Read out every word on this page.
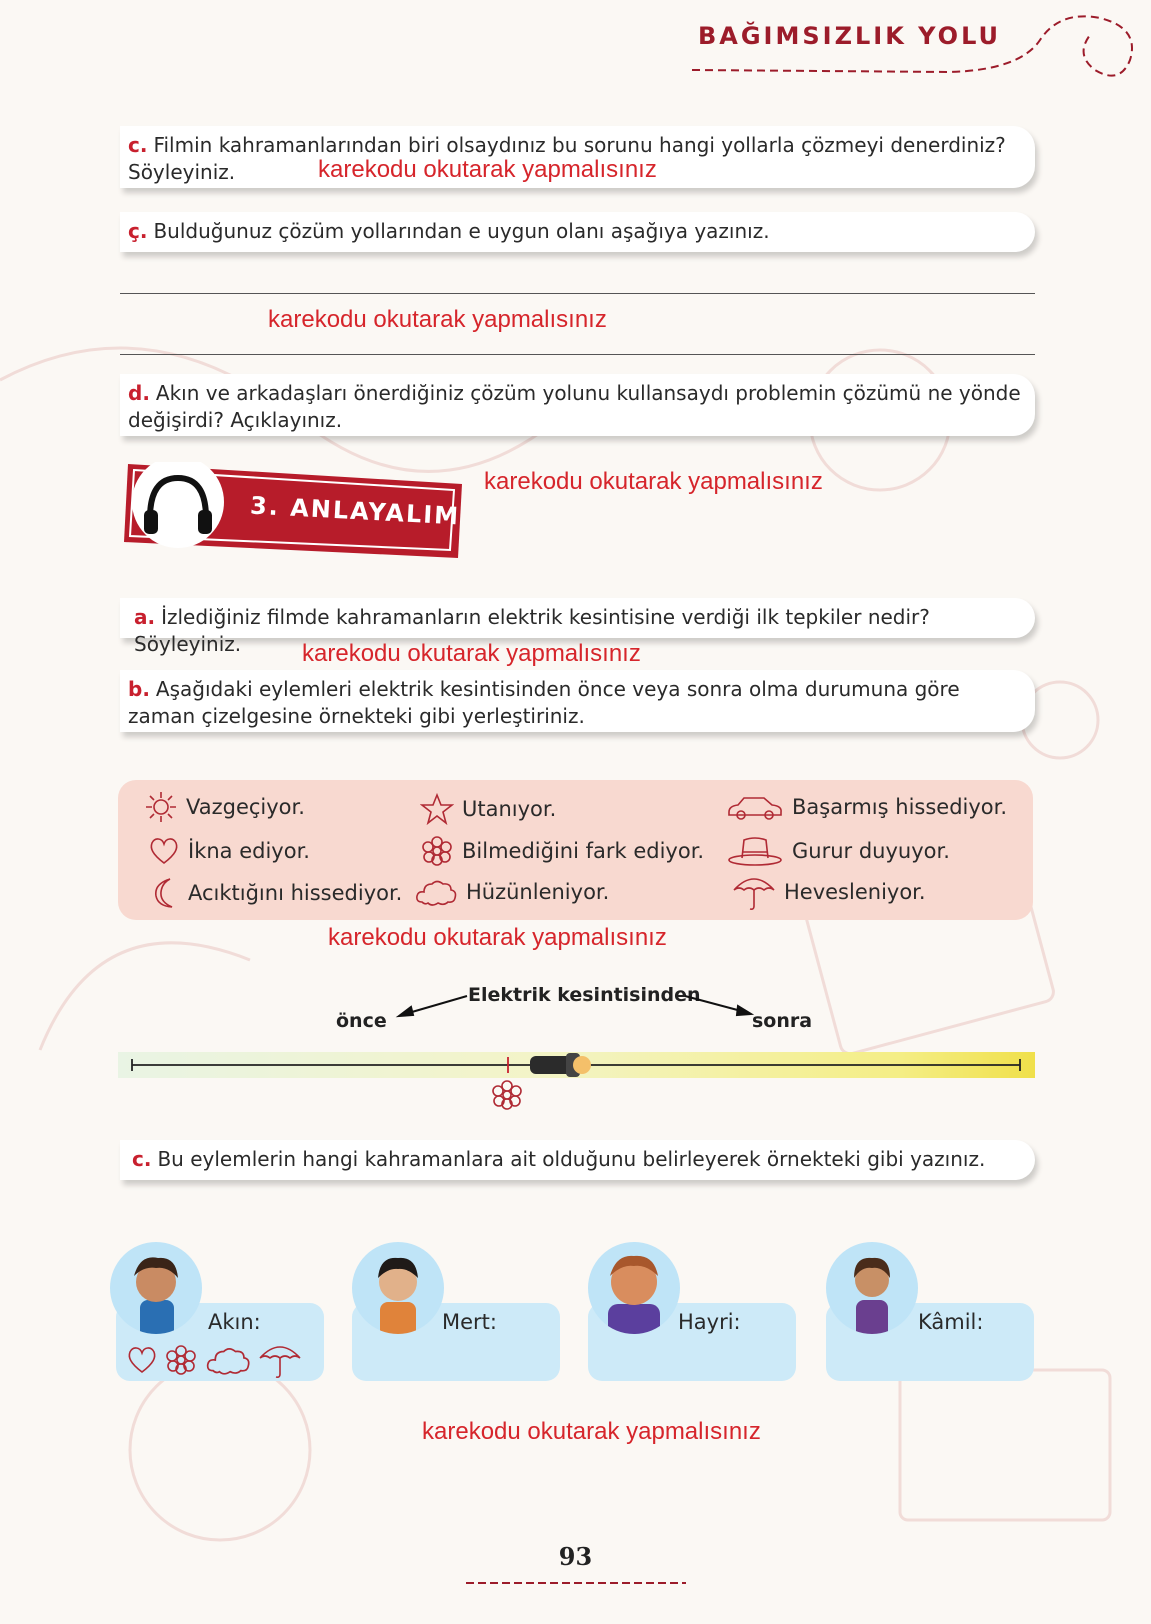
BAĞIMSIZLIK YOLU
c. Filmin kahramanlarından biri olsaydınız bu sorunu hangi yollarla çözmeyi denerdiniz? Söyleyiniz.	karekodu okutarak yapmalısınız
ç. Bulduğunuz çözüm yollarından e uygun olanı aşağıya yazınız.
karekodu okutarak yapmalısınız
d. Akın ve arkadaşları önerdiğiniz çözüm yolunu kullansaydı problemin çözümü ne yönde değişirdi? Açıklayınız.
3. ANLAYALIM
karekodu okutarak yapmalısınız
a. İzlediğiniz filmde kahramanların elektrik kesintisine verdiği ilk tepkiler nedir? Söyleyiniz.	karekodu okutarak yapmalısınız
b. Aşağıdaki eylemleri elektrik kesintisinden önce veya sonra olma durumuna göre zaman çizelgesine örnekteki gibi yerleştiriniz.
Vazgeçiyor.	Utanıyor.	Başarmış hissediyor.
İkna ediyor.	Bilmediğini fark ediyor.	Gurur duyuyor.
Acıktığını hissediyor.	Hüzünleniyor.	Hevesleniyor.
karekodu okutarak yapmalısınız
Elektrik kesintisinden
önce	sonra
c. Bu eylemlerin hangi kahramanlara ait olduğunu belirleyerek örnekteki gibi yazınız.
Akın:	Mert:	Hayri:	Kâmil:
karekodu okutarak yapmalısınız
93
